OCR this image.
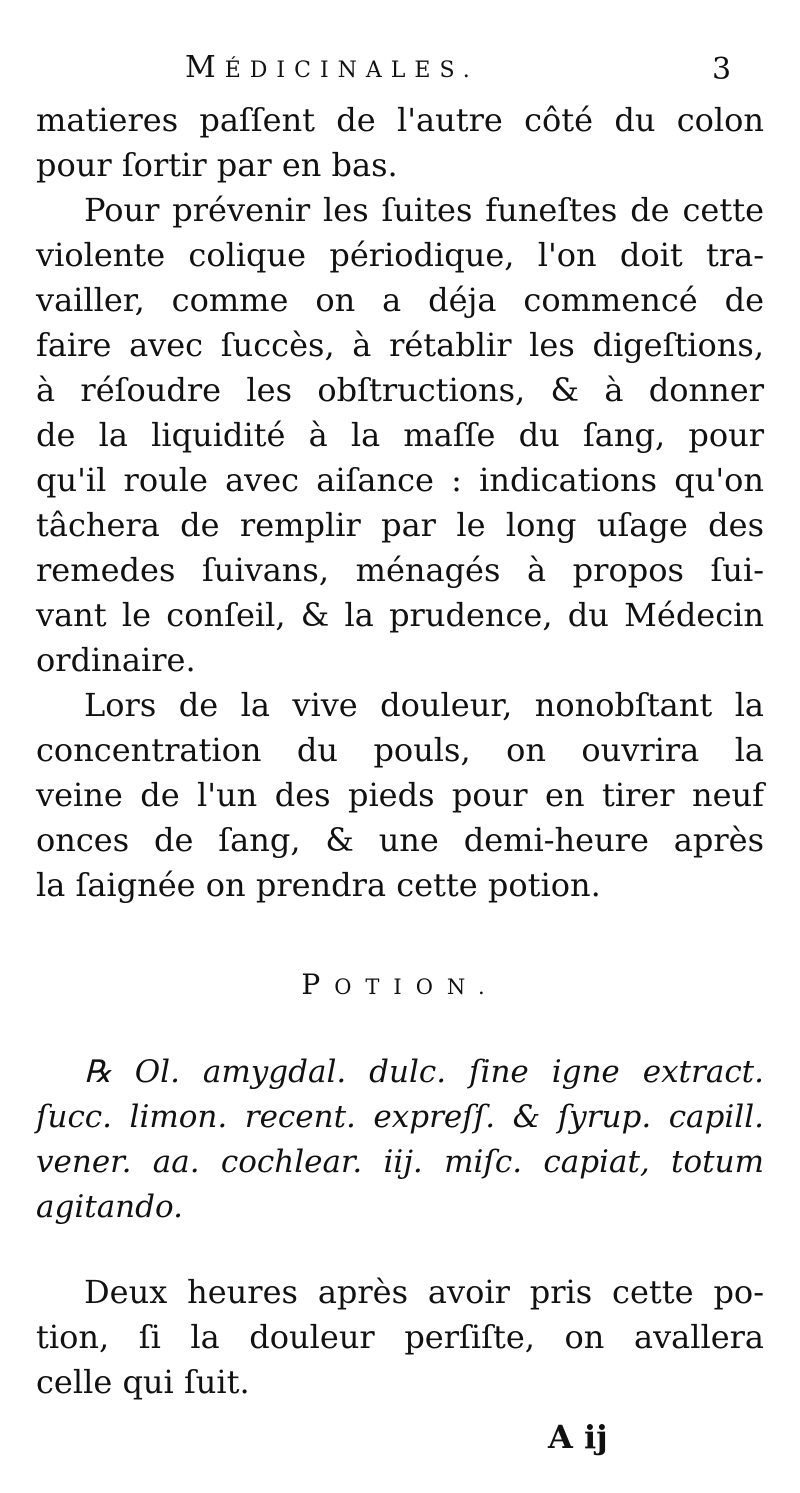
MÉDICINALES.	3
matieres paſſent de l'autre côté du colon
pour ſortir par en bas.
Pour prévenir les ſuites funeſtes de cette
violente colique périodique, l'on doit tra-
vailler, comme on a déja commencé de
faire avec ſuccès, à rétablir les digeſtions,
à réſoudre les obſtructions, & à donner
de la liquidité à la maſſe du ſang, pour
qu'il roule avec aiſance : indications qu'on
tâchera de remplir par le long uſage des
remedes ſuivans, ménagés à propos ſui-
vant le conſeil, & la prudence, du Médecin
ordinaire.
Lors de la vive douleur, nonobſtant la
concentration du pouls, on ouvrira la
veine de l'un des pieds pour en tirer neuf
onces de ſang, & une demi-heure après
la ſaignée on prendra cette potion.
POTION.
℞ Ol. amygdal. dulc. ſine igne extract.
ſucc. limon. recent. expreſſ. & ſyrup. capill.
vener. aa. cochlear. iij. miſc. capiat, totum
agitando.
Deux heures après avoir pris cette po-
tion, ſi la douleur perſiſte, on avallera
celle qui ſuit.
A ij
